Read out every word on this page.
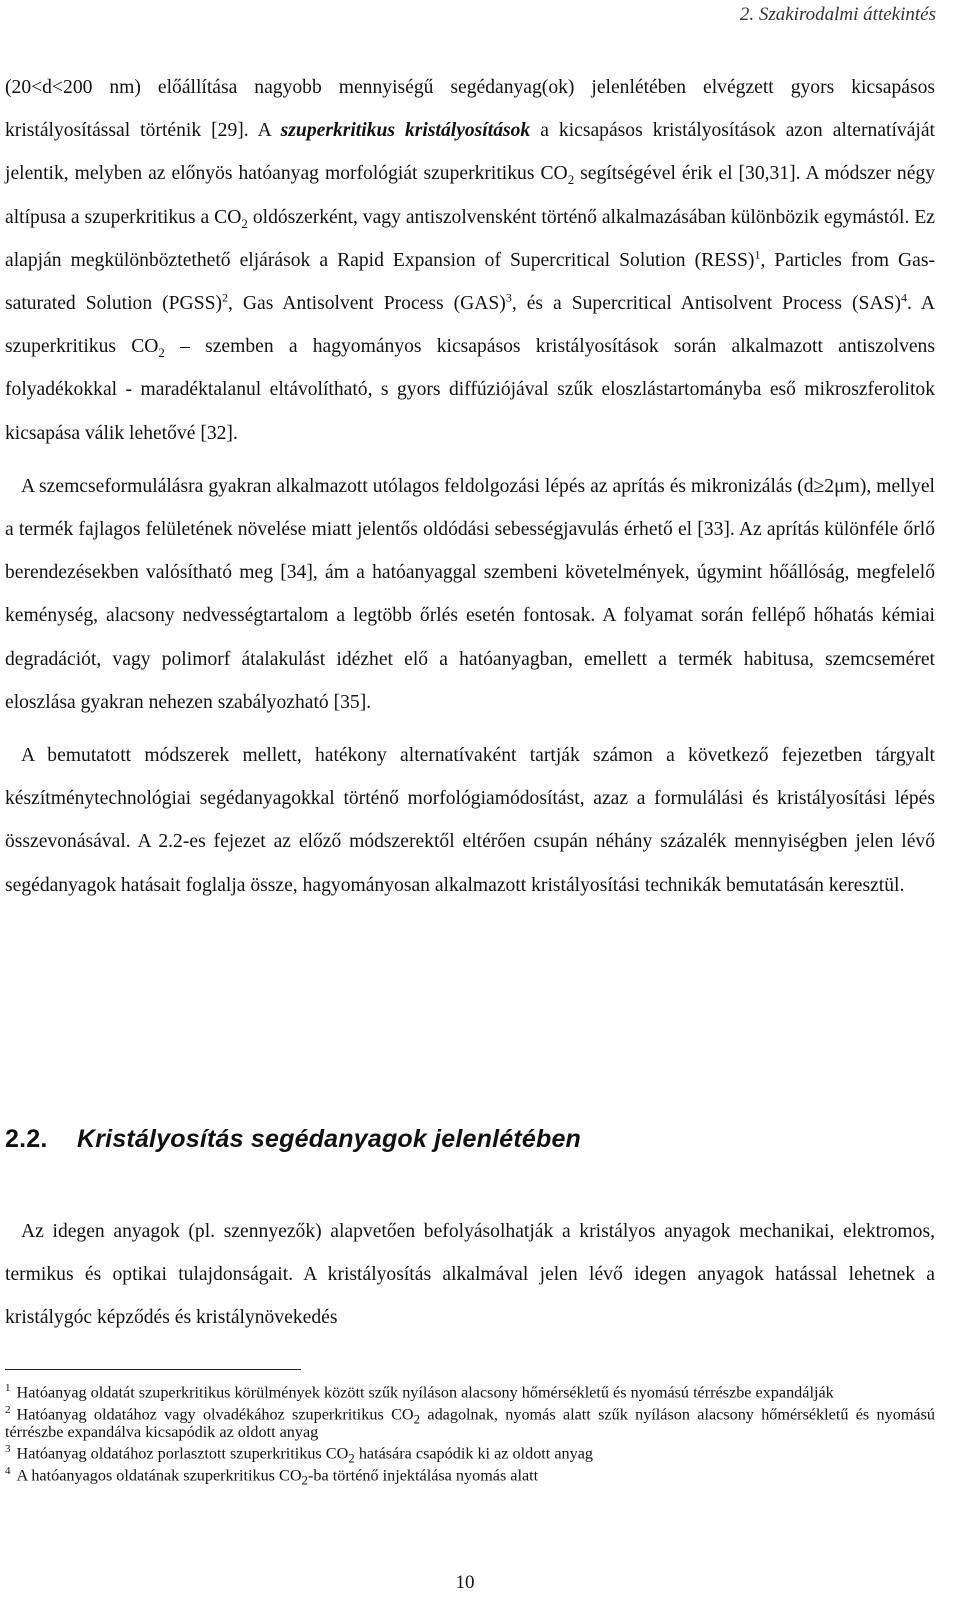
2. Szakirodalmi áttekintés

(20<d<200 nm) előállítása nagyobb mennyiségű segédanyag(ok) jelenlétében elvégzett gyors kicsapásos kristályosítással történik [29]. A szuperkritikus kristályosítások a kicsapásos kristályosítások azon alternatíváját jelentik, melyben az előnyös hatóanyag morfológiát szuperkritikus $CO_2$ segítségével érik el [30,31]. A módszer négy altípusa a szuperkritikus a $CO_2$ oldószerként, vagy antiszolvensként történő alkalmazásában különbözik egymástól. Ez alapján megkülönböztethető eljárások a Rapid Expansion of Supercritical Solution (RESS)$^1$, Particles from Gas-saturated Solution (PGSS)$^2$, Gas Antisolvent Process (GAS)$^3$, és a Supercritical Antisolvent Process (SAS)$^4$. A szuperkritikus $CO_2$ – szemben a hagyományos kicsapásos kristályosítások során alkalmazott antiszolvens folyadékokkal - maradéktalanul eltávolítható, s gyors diffúziójával szűk eloszlástartományba eső mikroszferolitok kicsapása válik lehetővé [32].

A szemcseformulálásra gyakran alkalmazott utólagos feldolgozási lépés az aprítás és mikronizálás (d≥2μm), mellyel a termék fajlagos felületének növelése miatt jelentős oldódási sebességjavulás érhető el [33]. Az aprítás különféle őrlő berendezésekben valósítható meg [34], ám a hatóanyaggal szembeni követelmények, úgymint hőállóság, megfelelő keménység, alacsony nedvességtartalom a legtöbb őrlés esetén fontosak. A folyamat során fellépő hőhatás kémiai degradációt, vagy polimorf átalakulást idézhet elő a hatóanyagban, emellett a termék habitusa, szemcseméret eloszlása gyakran nehezen szabályozható [35].

A bemutatott módszerek mellett, hatékony alternatívaként tartják számon a következő fejezetben tárgyalt készítménytechnológiai segédanyagokkal történő morfológiamódosítást, azaz a formulálási és kristályosítási lépés összevonásával. A 2.2-es fejezet az előző módszerektől eltérően csupán néhány százalék mennyiségben jelen lévő segédanyagok hatásait foglalja össze, hagyományosan alkalmazott kristályosítási technikák bemutatásán keresztül.

2.2. Kristályosítás segédanyagok jelenlétében

Az idegen anyagok (pl. szennyezők) alapvetően befolyásolhatják a kristályos anyagok mechanikai, elektromos, termikus és optikai tulajdonságait. A kristályosítás alkalmával jelen lévő idegen anyagok hatással lehetnek a kristálygóc képződés és kristálynövekedés

$^1$ Hatóanyag oldatát szuperkritikus körülmények között szűk nyíláson alacsony hőmérsékletű és nyomású térrészbe expandálják

$^2$ Hatóanyag oldatához vagy olvadékához szuperkritikus $CO_2$ adagolnak, nyomás alatt szűk nyíláson alacsony hőmérsékletű és nyomású térrészbe expandálva kicsapódik az oldott anyag

$^3$ Hatóanyag oldatához porlasztott szuperkritikus $CO_2$ hatására csapódik ki az oldott anyag

$^4$ A hatóanyagos oldatának szuperkritikus $CO_2-ba$ történő injektálása nyomás alatt

10
